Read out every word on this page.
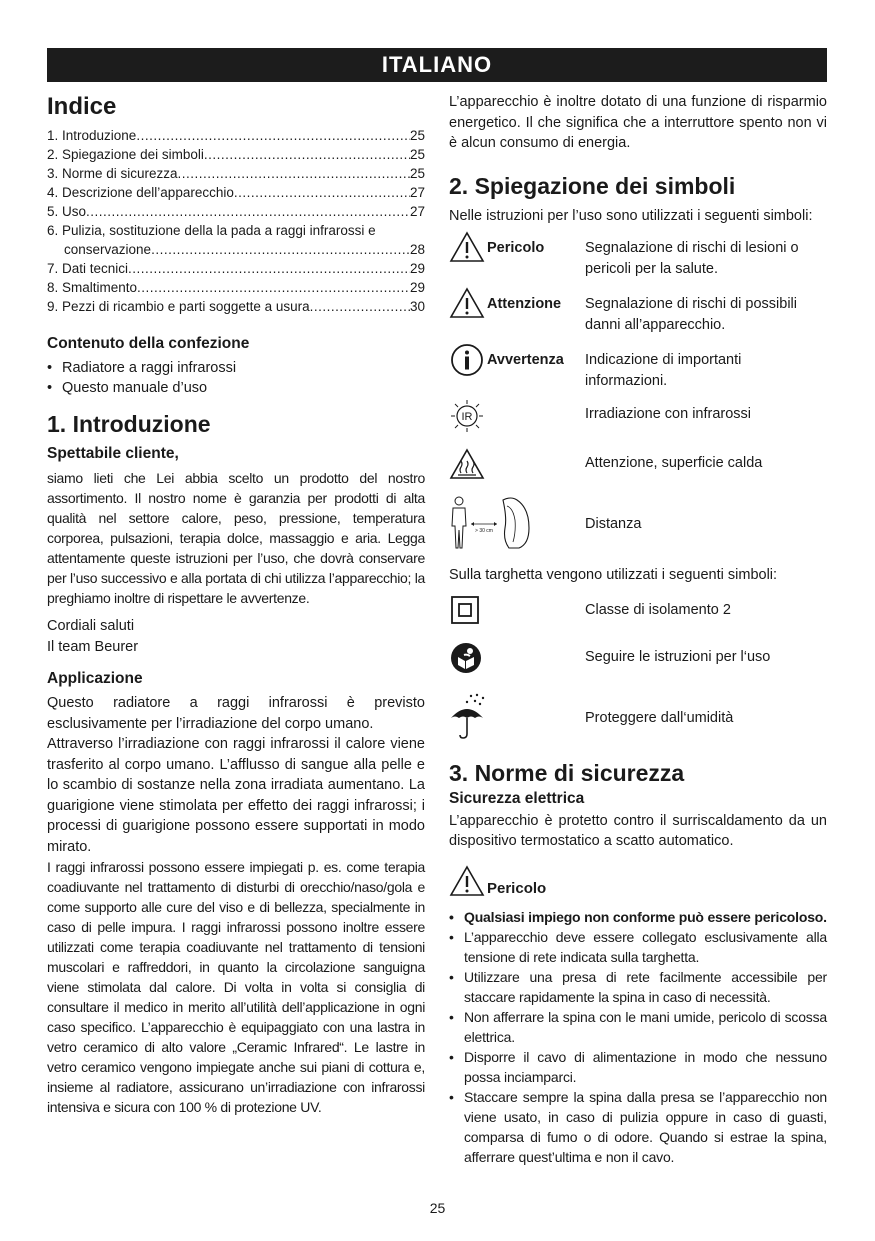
ITALIANO
Indice
1. Introduzione .....	25
2. Spiegazione dei simboli .....	25
3. Norme di sicurezza .....	25
4. Descrizione dell’apparecchio .....	27
5. Uso .....	27
6. Pulizia, sostituzione della la pada a raggi infrarossi e
conservazione .....	28
7. Dati tecnici .....	29
8. Smaltimento .....	29
9. Pezzi di ricambio e parti soggette a usura .....	30
Contenuto della confezione
• Radiatore a raggi infrarossi
• Questo manuale d’uso
1. Introduzione
Spettabile cliente,

siamo lieti che Lei abbia scelto un prodotto del nostro assortimento. Il nostro nome è garanzia per prodotti di alta qualità nel settore calore, peso, pressione, temperatura corporea, pulsazioni, terapia dolce, massaggio e aria. Legga attentamente queste istruzioni per l’uso, che dovrà conservare per l’uso successivo e alla portata di chi utilizza l’apparecchio; la preghiamo inoltre di rispettare le avvertenze.

Cordiali saluti

Il team Beurer

Applicazione

Questo radiatore a raggi infrarossi è previsto esclusivamente per l’irradiazione del corpo umano.

Attraverso l’irradiazione con raggi infrarossi il calore viene trasferito al corpo umano. L’afflusso di sangue alla pelle e lo scambio di sostanze nella zona irradiata aumentano. La guarigione viene stimolata per effetto dei raggi infrarossi; i processi di guarigione possono essere supportati in modo mirato.

I raggi infrarossi possono essere impiegati p. es. come terapia coadiuvante nel trattamento di disturbi di orecchio/naso/gola e come supporto alle cure del viso e di bellezza, specialmente in caso di pelle impura. I raggi infrarossi possono inoltre essere utilizzati come terapia coadiuvante nel trattamento di tensioni muscolari e raffreddori, in quanto la circolazione sanguigna viene stimolata dal calore. Di volta in volta si consiglia di consultare il medico in merito all’utilità dell’applicazione in ogni caso specifico. L’apparecchio è equipaggiato con una lastra in vetro ceramico di alto valore „Ceramic Infrared“. Le lastre in vetro ceramico vengono impiegate anche sui piani di cottura e, insieme al radiatore, assicurano un’irradiazione con infrarossi intensiva e sicura con 100 % di protezione UV.

L’apparecchio è inoltre dotato di una funzione di risparmio energetico. Il che significa che a interruttore spento non vi è alcun consumo di energia.

2. Spiegazione dei simboli

Nelle istruzioni per l’uso sono utilizzati i seguenti simboli:

Pericolo	Segnalazione di rischi di lesioni o pericoli per la salute.
Attenzione	Segnalazione di rischi di possibili danni all’apparecchio.
Avvertenza	Indicazione di importanti informazioni.
IR	Irradiazione con infrarossi
Attenzione, superficie calda
> 30 cm	Distanza

Sulla targhetta vengono utilizzati i seguenti simboli:

Classe di isolamento 2
Seguire le istruzioni per l‘uso
Proteggere dall‘umidità
3. Norme di sicurezza
Sicurezza elettrica

L’apparecchio è protetto contro il surriscaldamento da un dispositivo termostatico a scatto automatico.

Pericolo
• Qualsiasi impiego non conforme può essere pericoloso.
• L’apparecchio deve essere collegato esclusivamente alla tensione di rete indicata sulla targhetta.
• Utilizzare una presa di rete facilmente accessibile per staccare rapidamente la spina in caso di necessità.
• Non afferrare la spina con le mani umide, pericolo di scossa elettrica.
• Disporre il cavo di alimentazione in modo che nessuno possa inciamparci.
• Staccare sempre la spina dalla presa se l’apparecchio non viene usato, in caso di pulizia oppure in caso di guasti, comparsa di fumo o di odore. Quando si estrae la spina, afferrare quest’ultima e non il cavo.
25
